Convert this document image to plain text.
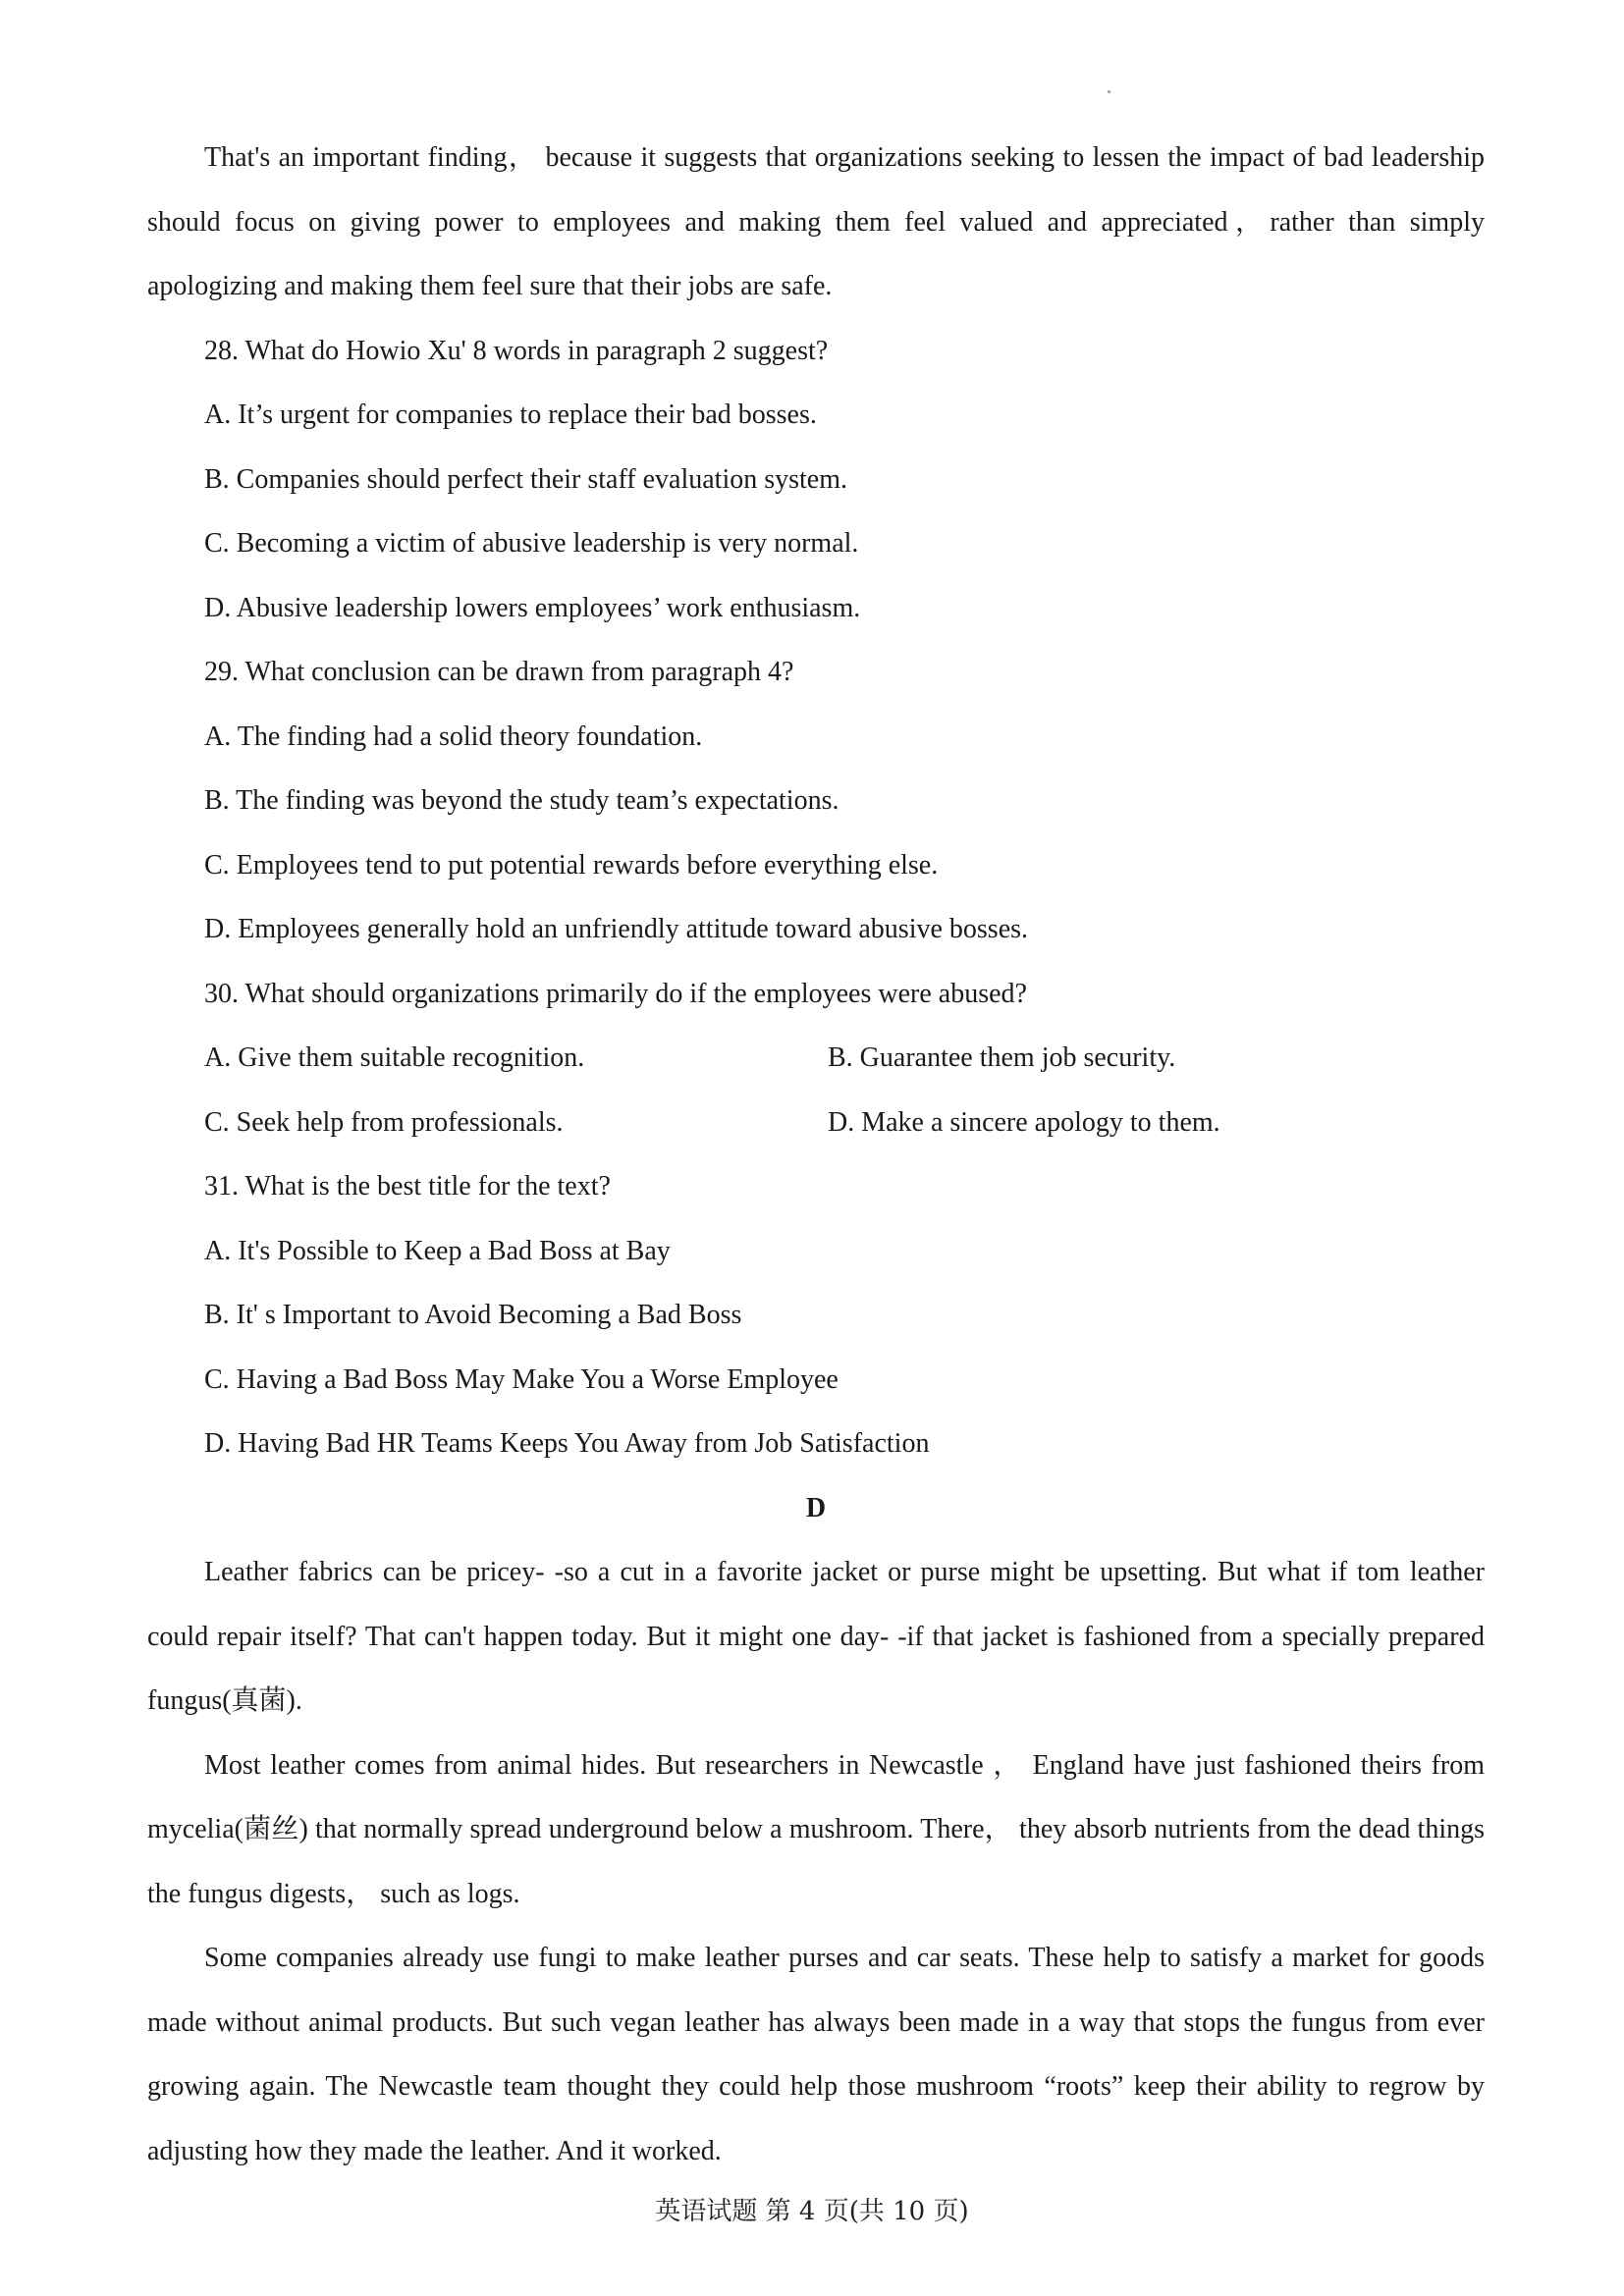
That's an important finding， because it suggests that organizations seeking to lessen the impact of bad leadership should focus on giving power to employees and making them feel valued and appreciated，rather than simply apologizing and making them feel sure that their jobs are safe.

28. What do Howio Xu' 8 words in paragraph 2 suggest?
A. It’s urgent for companies to replace their bad bosses.
B. Companies should perfect their staff evaluation system.
C. Becoming a victim of abusive leadership is very normal.
D. Abusive leadership lowers employees’ work enthusiasm.
29. What conclusion can be drawn from paragraph 4?
A. The finding had a solid theory foundation.
B. The finding was beyond the study team’s expectations.
C. Employees tend to put potential rewards before everything else.
D. Employees generally hold an unfriendly attitude toward abusive bosses.
30. What should organizations primarily do if the employees were abused?
A. Give them suitable recognition.	B. Guarantee them job security.
C. Seek help from professionals.	D. Make a sincere apology to them.
31. What is the best title for the text?
A. It's Possible to Keep a Bad Boss at Bay
B. It' s Important to Avoid Becoming a Bad Boss
C. Having a Bad Boss May Make You a Worse Employee
D. Having Bad HR Teams Keeps You Away from Job Satisfaction
D

Leather fabrics can be pricey- -so a cut in a favorite jacket or purse might be upsetting. But what if tom leather could repair itself? That can't happen today. But it might one day- -if that jacket is fashioned from a specially prepared fungus(真菌).

Most leather comes from animal hides. But researchers in Newcastle ， England have just fashioned theirs from mycelia(菌丝) that normally spread underground below a mushroom. There， they absorb nutrients from the dead things the fungus digests， such as logs.

Some companies already use fungi to make leather purses and car seats. These help to satisfy a market for goods made without animal products. But such vegan leather has always been made in a way that stops the fungus from ever growing again. The Newcastle team thought they could help those mushroom “roots” keep their ability to regrow by adjusting how they made the leather. And it worked.

英语试题 第 4 页(共 10 页)
